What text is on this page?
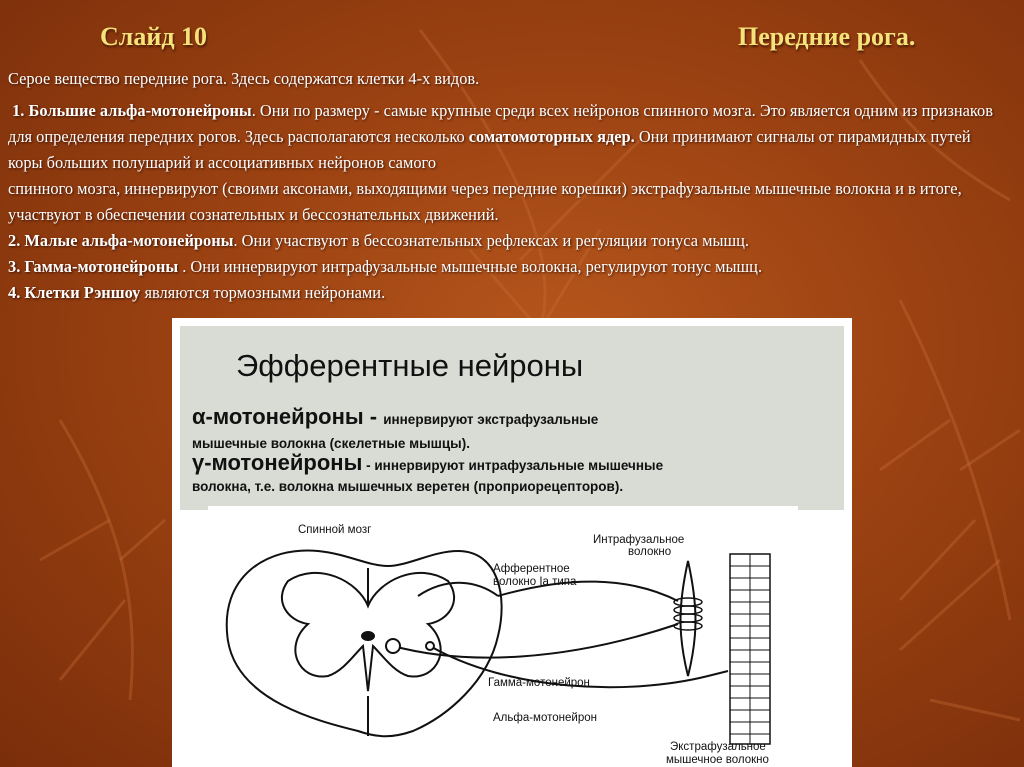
Слайд 10	Передние рога.

Серое вещество передние рога. Здесь содержатся клетки 4-х видов.

1. Большие альфа-мотонейроны. Они по размеру - самые крупные среди всех нейронов спинного мозга. Это является одним из признаков для определения передних рогов. Здесь располагаются несколько соматомоторных ядер. Они принимают сигналы от пирамидных путей коры больших полушарий и ассоциативных нейронов самого

спинного мозга, иннервируют (своими аксонами, выходящими через передние корешки) экстрафузальные мышечные волокна и в итоге, участвуют в обеспечении сознательных и бессознательных движений.

2. Малые альфа-мотонейроны. Они участвуют в бессознательных рефлексах и регуляции тонуса мышц.

3. Гамма-мотонейроны . Они иннервируют интрафузальные мышечные волокна, регулируют тонус мышц.

4. Клетки Рэншоу являются тормозными нейронами.

Эфферентные нейроны
α-мотонейроны - иннервируют экстрафузальные
мышечные волокна (скелетные мышцы).
γ-мотонейроны - иннервируют интрафузальные мышечные
волокна, т.е. волокна мышечных веретен (проприорецепторов).
Спинной мозг
Интрафузальное
волокно
Афферентное
волокно Ia типа
Гамма-мотонейрон
Альфа-мотонейрон
Экстрафузальное
мышечное волокно
